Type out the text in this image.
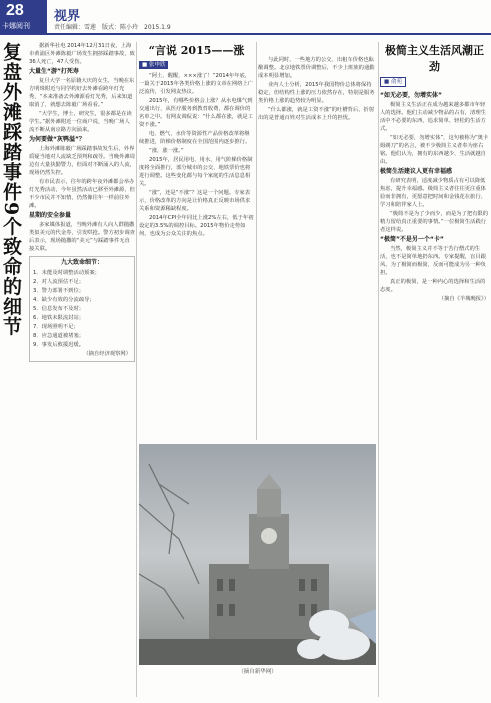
28
卡娜阅刊
视界
责任编辑：雪莲　版式：陈小玲　2015.1.9
复盘外滩踩踏事件9个致命的细节	据新华社电 2014年12月31日夜，上海市黄浦区外滩陈毅广场发生拥挤踩踏事故，致36人死亡，47人受伤。

大量生“游”打死寿

复旦大学一名原籍大庆的女生，当晚在东方明珠附近与同学约好去外滩看跨年灯光秀，“本来准备去外滩源看灯光秀，后来知道取消了，就想去陈毅广场看看。”

“大学生，博士，研究生，很多都是在读学生。”据外滩附近一位商户说，当晚广场人流不断从南京路方向涌来。

为何要做“灰鸭溢”？

上海外滩陈毅广场踩踏事故发生后，外界质疑当地对人流缺乏预判和疏导。当晚外滩周边有大量执勤警力，但面对不断涌入的人流，现场仍然失控。

有市民表示，往年的跨年夜外滩都会举办灯光秀活动，今年虽然活动已移至外滩源，但不少市民并不知情，仍然像往年一样前往外滩。

星期的安全参量

多家媒体报道，当晚外滩有人向人群抛撒类似美元的代金券，引发哄抢。警方初步调查后表示，现场抛撒的“美元”与踩踏事件无直接关联。

九大致命细节：

1．未能及时调整活动预案；

2．对人流预估不足；

3．警力部署不到位；

4．缺少有效的分流疏导；

5．信息发布不及时；

6．地铁未限流封站；

7．现场照明不足；

8．应急通道被堵塞；

9．事发后救援迟缓。

（摘自经济观察网）

“言说 2015——涨
■ 张申欣

“阿土、醒醒，×××涨了！”2014年年底，一篇关于2015年各类价格上涨的文章在网络上广泛流传，引发网友热议。

2015年，有哪些价格会上涨？从水电煤气到交通出行，从医疗服务到教育收费，都在调价的名单之中。有网友调侃说：“什么都在涨，就是工资不涨。”

电、燃气、水价等资源性产品价格改革将继续推进，阶梯价格制度在全国范围内逐步推行。

“涨，涨一涨。”

2015年，居民用电、用水、用气阶梯价格制度将全面推行，部分城市的公交、地铁票价也将进行调整。这些变化都与每个家庭的生活息息相关。

“涨”，还是“不涨”？这是一个问题。专家表示，价格改革的方向是让价格真正反映市场供求关系和资源稀缺程度。

2014年CPI全年同比上涨2%左右，低于年初设定的3.5%的调控目标。2015年物价走势如何，也成为公众关注的焦点。

与此同时，一些地方的公交、出租车价格也酝酿调整。北京地铁票价调整后，不少上班族的通勤成本明显增加。

业内人士分析，2015年我国物价总体将保持稳定，但结构性上涨的压力依然存在，特别是服务类价格上涨的趋势较为明显。

“什么都涨，就是工资不涨”的吐槽背后，折射出的是普通百姓对生活成本上升的担忧。

极简主义生活风潮正劲
■ 俞苑

“如无必要，勿增实体”

极简主义生活正在成为越来越多都市年轻人的选择。他们主动减少物品的占有，清理生活中不必要的东西，追求简单、轻松的生活方式。

“如无必要，勿增实体”，这句被称为“奥卡姆剃刀”的名言，被不少极简主义者奉为座右铭。他们认为，拥有的东西越少，生活就越自由。

极简生活建议人更有幸福感

有研究表明，适度减少物质占有可以降低焦虑，提升幸福感。极简主义者往往更注重体验而非拥有，更愿意把时间和金钱花在旅行、学习和陪伴家人上。

“极简不是为了少而少，而是为了把有限的精力留给真正重要的事情。”一位极简生活践行者这样说。

“极简”不是另一个“卡”

当然，极简主义并不等于苦行僧式的生活，也不是简单地扔东西。专家提醒，盲目跟风、为了极简而极简，反而可能成为另一种负担。

真正的极简，是一种内心的选择和生活的态度。

（摘自《羊城晚报》）

（摘自新华网）
